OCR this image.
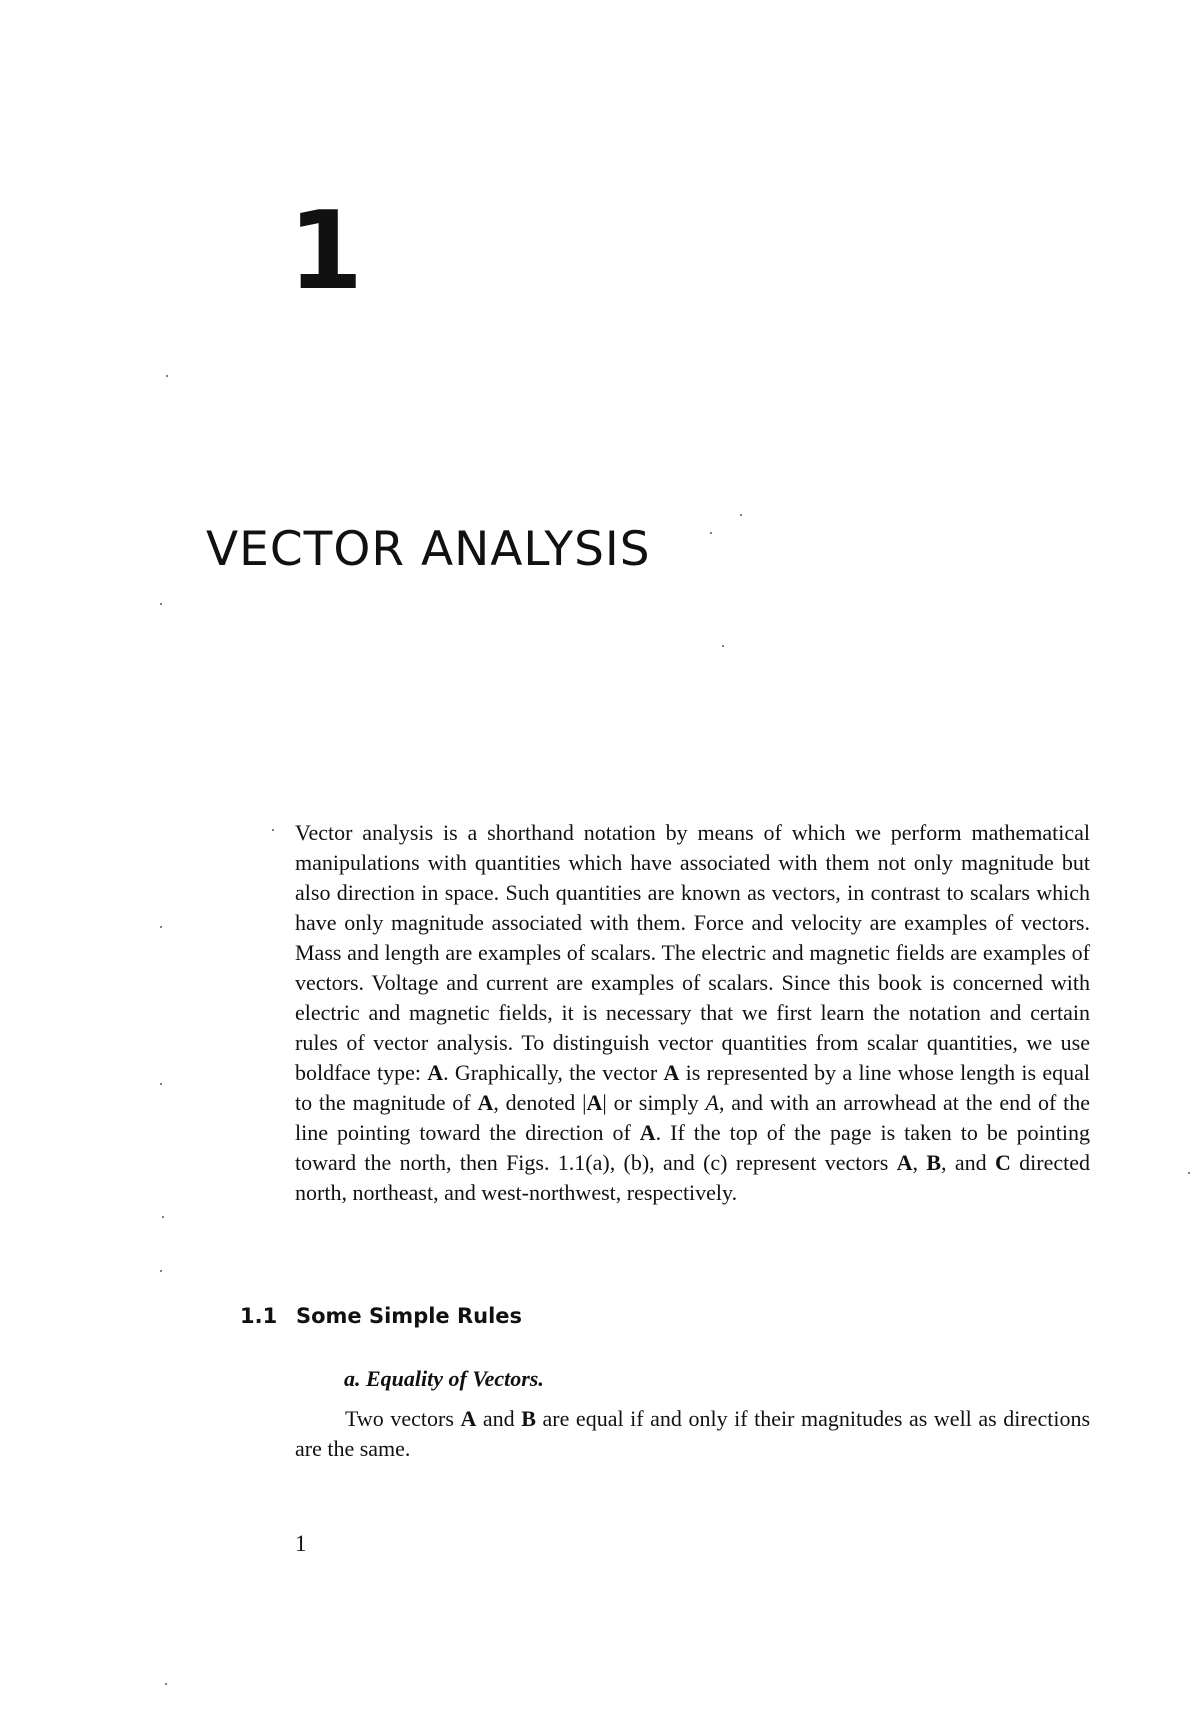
1
VECTOR ANALYSIS

Vector analysis is a shorthand notation by means of which we perform mathematical manipulations with quantities which have associated with them not only magnitude but also direction in space. Such quantities are known as vectors, in contrast to scalars which have only magnitude associated with them. Force and velocity are examples of vectors. Mass and length are examples of scalars. The electric and magnetic fields are examples of vectors. Voltage and current are examples of scalars. Since this book is concerned with electric and magnetic fields, it is necessary that we first learn the notation and certain rules of vector analysis. To distinguish vector quantities from scalar quantities, we use boldface type: A. Graphically, the vector A is represented by a line whose length is equal to the magnitude of A, denoted |A| or simply A, and with an arrowhead at the end of the line pointing toward the direction of A. If the top of the page is taken to be pointing toward the north, then Figs. 1.1(a), (b), and (c) represent vectors A, B, and C directed north, northeast, and west-northwest, respectively.

1.1 Some Simple Rules
a. Equality of Vectors.

Two vectors A and B are equal if and only if their magnitudes as well as directions are the same.

1
